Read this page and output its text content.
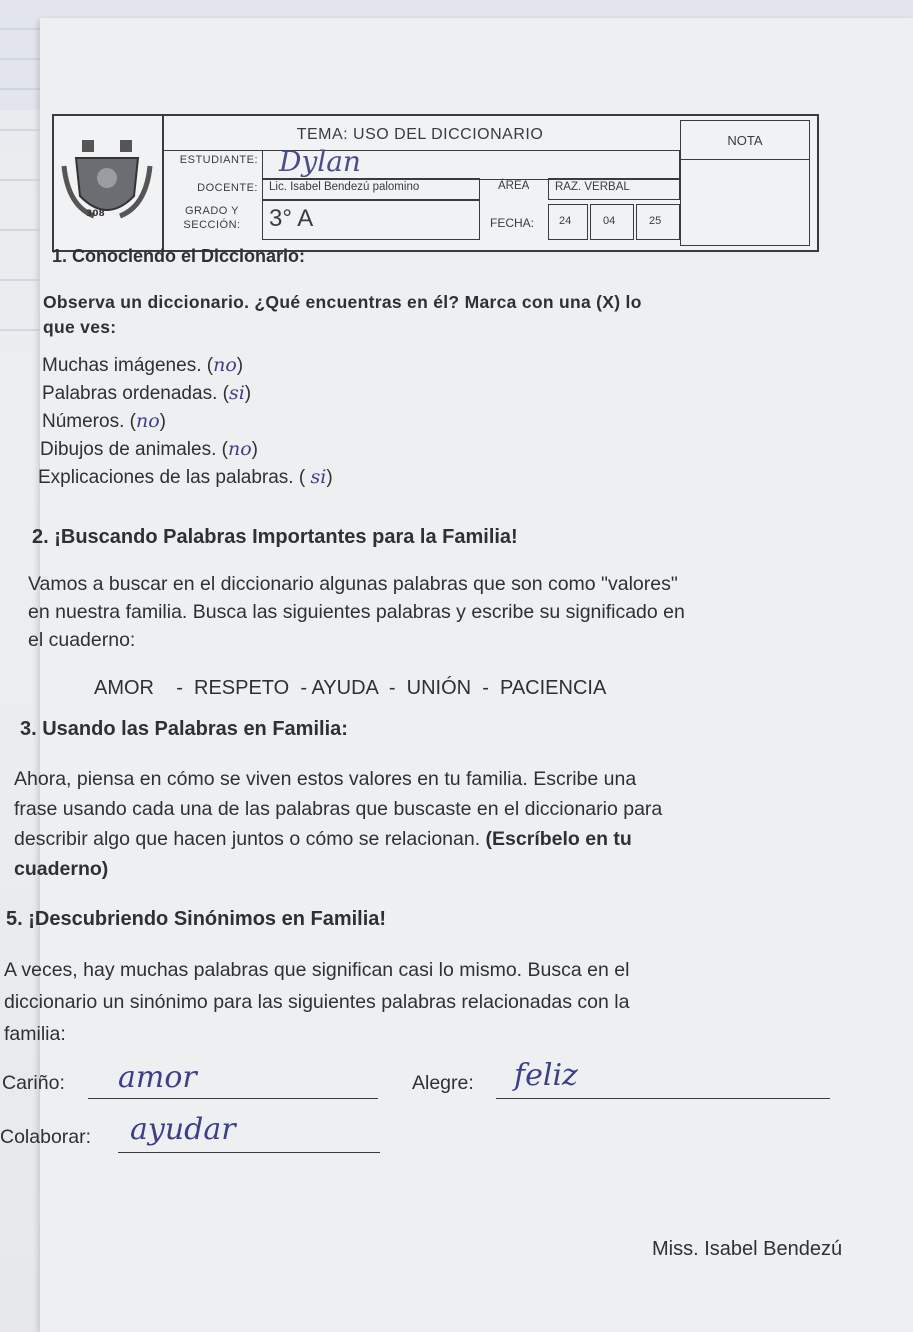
308
TEMA: USO DEL DICCIONARIO	NOTA
ESTUDIANTE: Dylan
DOCENTE: Lic. Isabel Bendezú palomino	ÁREA RAZ. VERBAL
GRADO Y
SECCIÓN:	3° A	FECHA: 24	04	25
1. Conociendo el Diccionario:
Observa un diccionario. ¿Qué encuentras en él? Marca con una (X) lo
que ves:
Muchas imágenes. (no)
Palabras ordenadas. (si)
Números. (no)
Dibujos de animales. (no)
Explicaciones de las palabras. ( si)
2. ¡Buscando Palabras Importantes para la Familia!
Vamos a buscar en el diccionario algunas palabras que son como "valores"
en nuestra familia. Busca las siguientes palabras y escribe su significado en
el cuaderno:
AMOR    -  RESPETO  - AYUDA  -  UNIÓN  -  PACIENCIA
3. Usando las Palabras en Familia:
Ahora, piensa en cómo se viven estos valores en tu familia. Escribe una
frase usando cada una de las palabras que buscaste en el diccionario para
describir algo que hacen juntos o cómo se relacionan. (Escríbelo en tu
cuaderno)
5. ¡Descubriendo Sinónimos en Familia!
A veces, hay muchas palabras que significan casi lo mismo. Busca en el
diccionario un sinónimo para las siguientes palabras relacionadas con la
familia:
Cariño: amor	Alegre: feliz
Colaborar: ayudar
Miss. Isabel Bendezú
